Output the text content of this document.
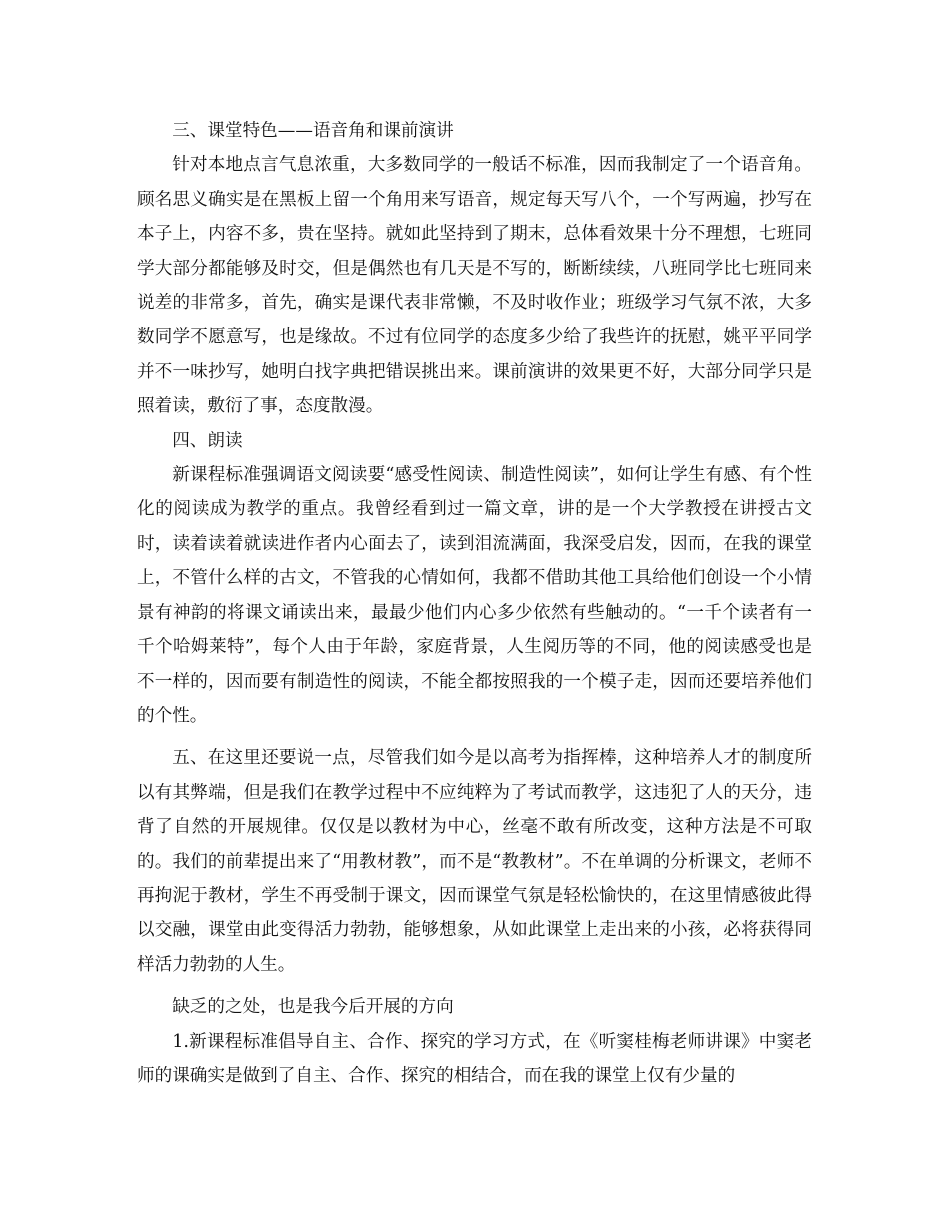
三、课堂特色——语音角和课前演讲

针对本地点言气息浓重，大多数同学的一般话不标准，因而我制定了一个语音角。顾名思义确实是在黑板上留一个角用来写语音，规定每天写八个，一个写两遍，抄写在本子上，内容不多，贵在坚持。就如此坚持到了期末，总体看效果十分不理想，七班同学大部分都能够及时交，但是偶然也有几天是不写的，断断续续，八班同学比七班同来说差的非常多，首先，确实是课代表非常懒，不及时收作业；班级学习气氛不浓，大多数同学不愿意写，也是缘故。不过有位同学的态度多少给了我些许的抚慰，姚平平同学并不一味抄写，她明白找字典把错误挑出来。课前演讲的效果更不好，大部分同学只是照着读，敷衍了事，态度散漫。

四、朗读

新课程标准强调语文阅读要“感受性阅读、制造性阅读”，如何让学生有感、有个性化的阅读成为教学的重点。我曾经看到过一篇文章，讲的是一个大学教授在讲授古文时，读着读着就读进作者内心面去了，读到泪流满面，我深受启发，因而，在我的课堂上，不管什么样的古文，不管我的心情如何，我都不借助其他工具给他们创设一个小情景有神韵的将课文诵读出来，最最少他们内心多少依然有些触动的。“一千个读者有一千个哈姆莱特”，每个人由于年龄，家庭背景，人生阅历等的不同，他的阅读感受也是不一样的，因而要有制造性的阅读，不能全都按照我的一个模子走，因而还要培养他们的个性。

五、在这里还要说一点，尽管我们如今是以高考为指挥棒，这种培养人才的制度所以有其弊端，但是我们在教学过程中不应纯粹为了考试而教学，这违犯了人的天分，违背了自然的开展规律。仅仅是以教材为中心，丝毫不敢有所改变，这种方法是不可取的。我们的前辈提出来了“用教材教”，而不是“教教材”。不在单调的分析课文，老师不再拘泥于教材，学生不再受制于课文，因而课堂气氛是轻松愉快的，在这里情感彼此得以交融，课堂由此变得活力勃勃，能够想象，从如此课堂上走出来的小孩，必将获得同样活力勃勃的人生。

缺乏的之处，也是我今后开展的方向

1.新课程标准倡导自主、合作、探究的学习方式，在《听窦桂梅老师讲课》中窦老师的课确实是做到了自主、合作、探究的相结合，而在我的课堂上仅有少量的
